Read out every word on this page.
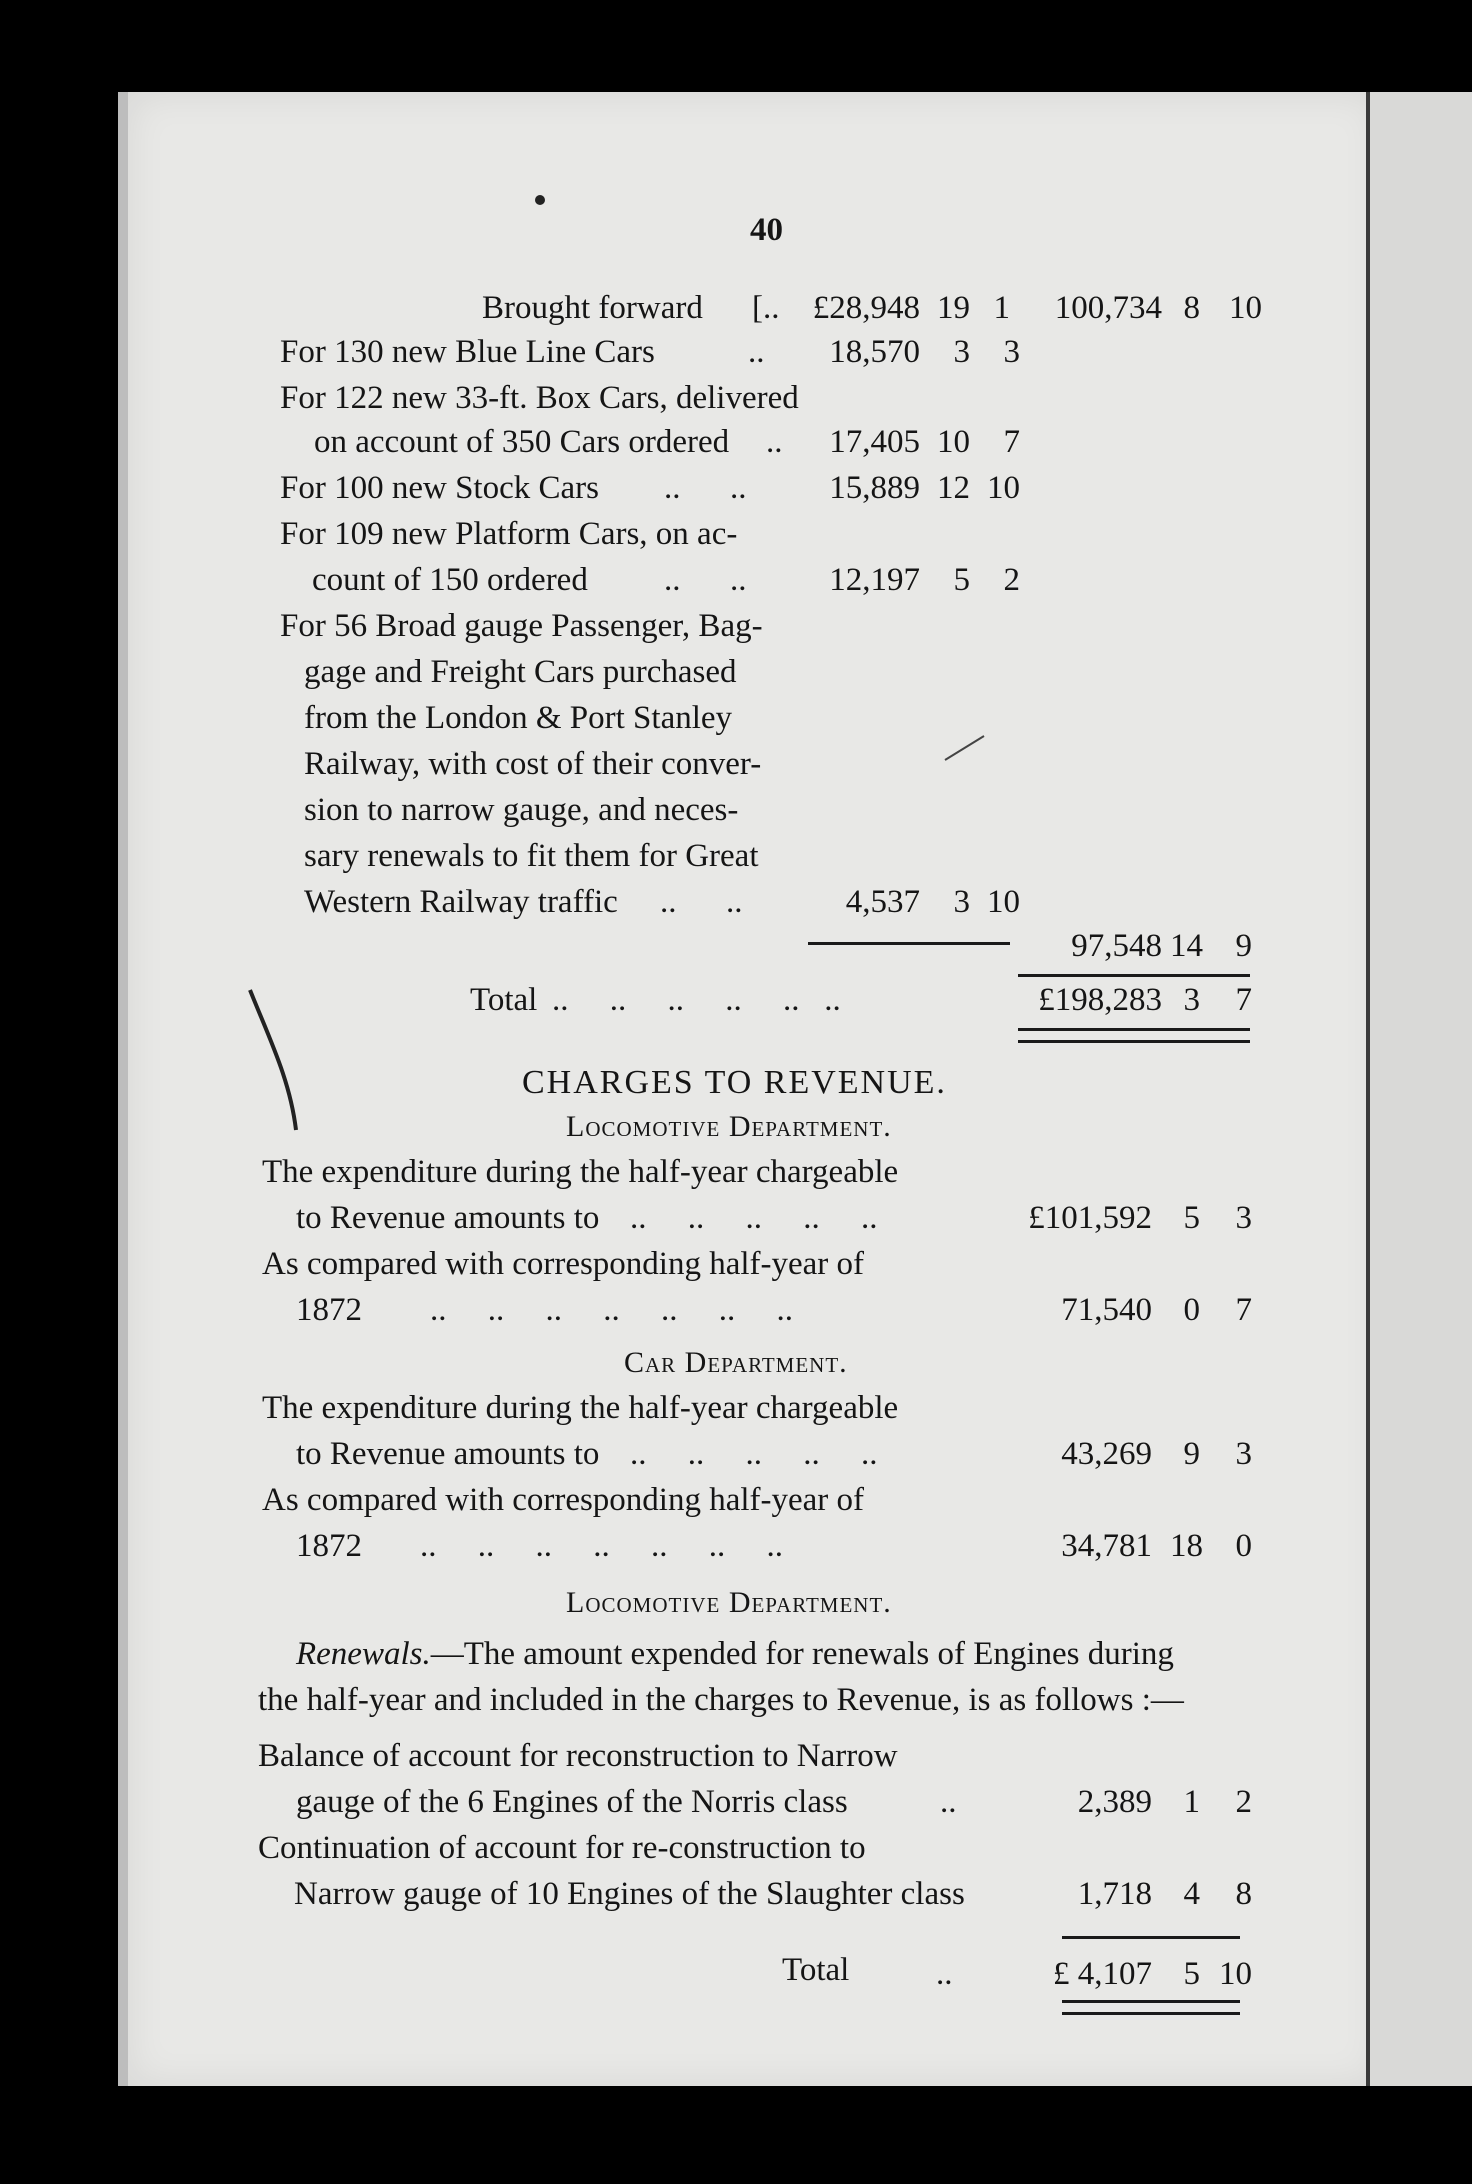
40
Brought forward [..	£28,948 19 1	100,734 8 10
For 130 new Blue Line Cars	..	18,570	3	3
For 122 new 33-ft. Box Cars, delivered
on account of 350 Cars ordered ..	17,405 10	7
For 100 new Stock Cars ..      ..	15,889 12 10
For 109 new Platform Cars, on ac-
count of 150 ordered ..      ..	12,197	5	2
For 56 Broad gauge Passenger, Bag-
gage and Freight Cars purchased
from the London & Port Stanley
Railway, with cost of their conver-
sion to narrow gauge, and neces-
sary renewals to fit them for Great
Western Railway traffic ..      ..	4,537	3 10
97,548 14 9
Total ..     ..     ..     ..     ..   ..	£198,283 3	7
CHARGES TO REVENUE.
Locomotive Department.
The expenditure during the half-year chargeable
to Revenue amounts to ..     ..     ..     ..     ..	£101,592 5	3
As compared with corresponding half-year of
1872 ..     ..     ..     ..     ..     ..     ..	71,540 0	7
Car Department.
The expenditure during the half-year chargeable
to Revenue amounts to ..     ..     ..     ..     ..	43,269 9	3
As compared with corresponding half-year of
1872 ..     ..     ..     ..     ..     ..     ..	34,781 18 0
Locomotive Department.
Renewals.—The amount expended for renewals of Engines during
the half-year and included in the charges to Revenue, is as follows :—
Balance of account for reconstruction to Narrow
gauge of the 6 Engines of the Norris class	..	2,389 1	2
Continuation of account for re-construction to
Narrow gauge of 10 Engines of the Slaughter class	1,718 4	8
Total	..	£ 4,107 5 10
